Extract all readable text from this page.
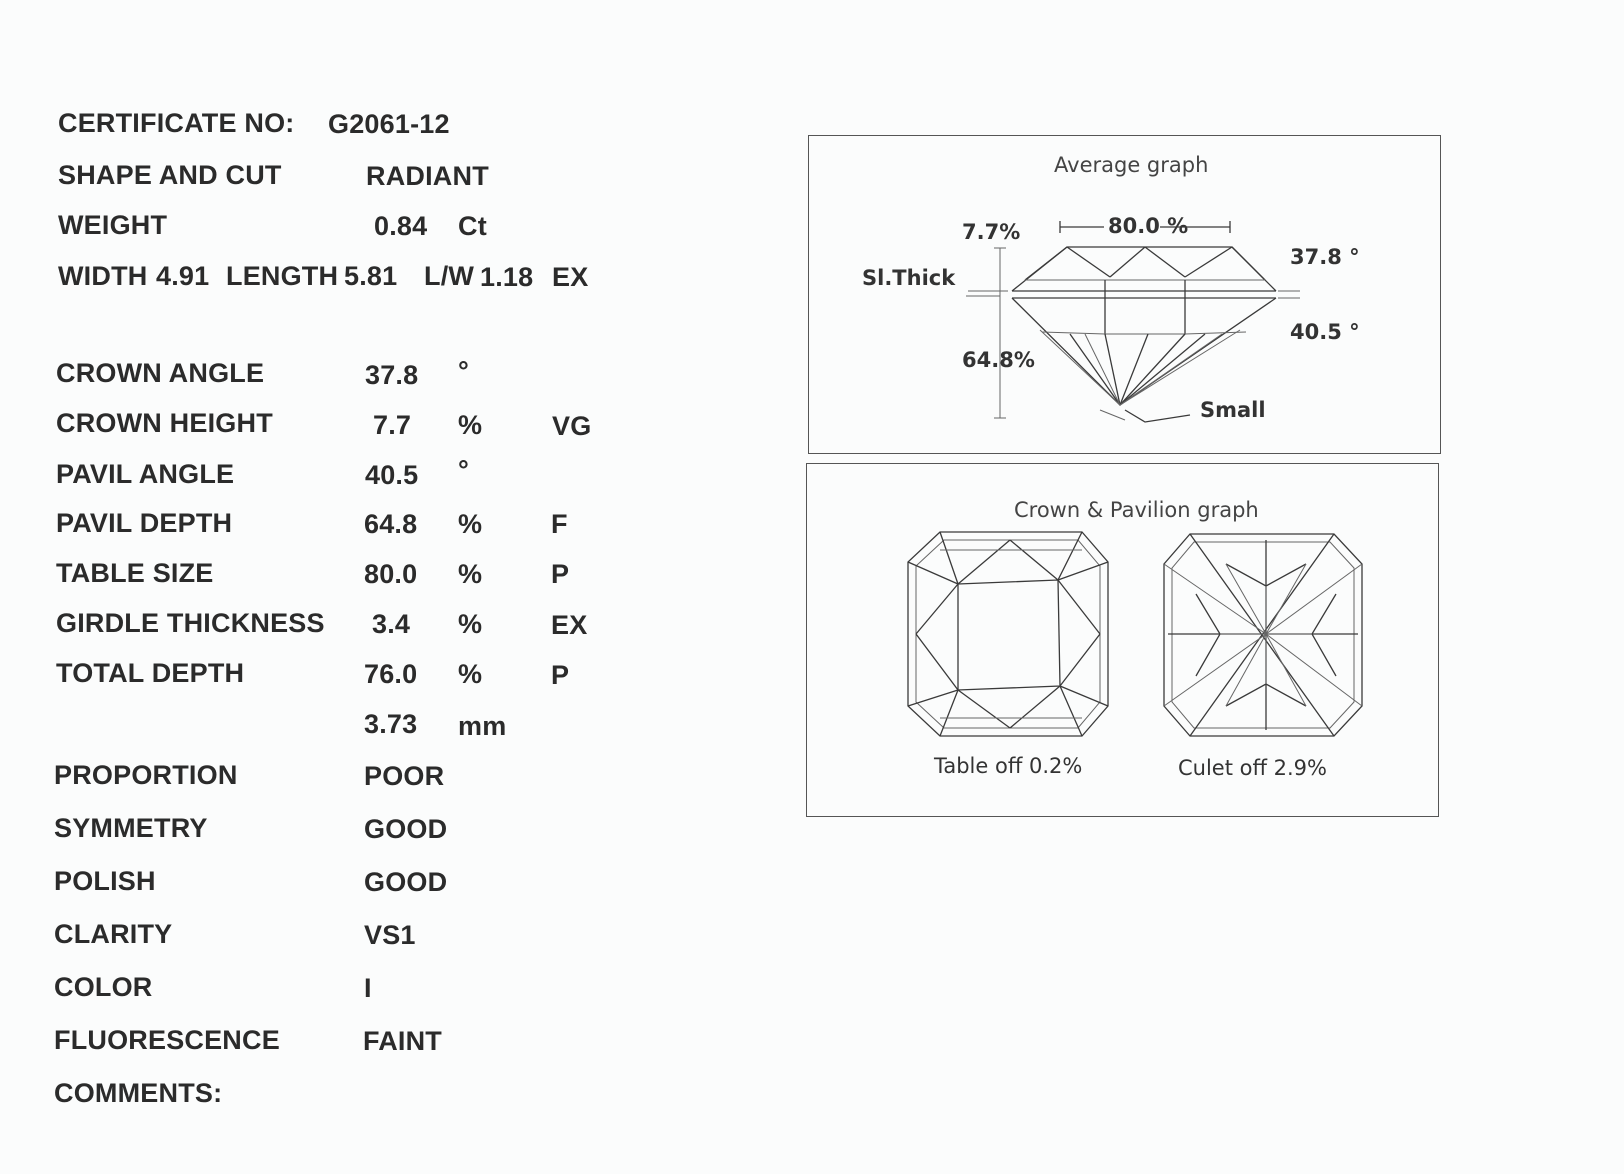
CERTIFICATE NO: G2061-12
SHAPE AND CUT	RADIANT
WEIGHT	0.84 Ct
WIDTH 4.91 LENGTH 5.81 L/W 1.18 EX
CROWN ANGLE	37.8 °
CROWN HEIGHT	7.7 %	VG
PAVIL ANGLE	40.5 °
PAVIL DEPTH	64.8 %	F
TABLE SIZE	80.0 %	P
GIRDLE THICKNESS 3.4 %	EX
TOTAL DEPTH	76.0 %	P
3.73 mm
PROPORTION	POOR
SYMMETRY	GOOD
POLISH	GOOD
CLARITY	VS1
COLOR	I
FLUORESCENCE	FAINT
COMMENTS:
Average graph
7.7%	80.0 %
37.8 °
Sl.Thick
40.5 °
64.8%
Small
Crown & Pavilion graph
Table off 0.2%	Culet off 2.9%
